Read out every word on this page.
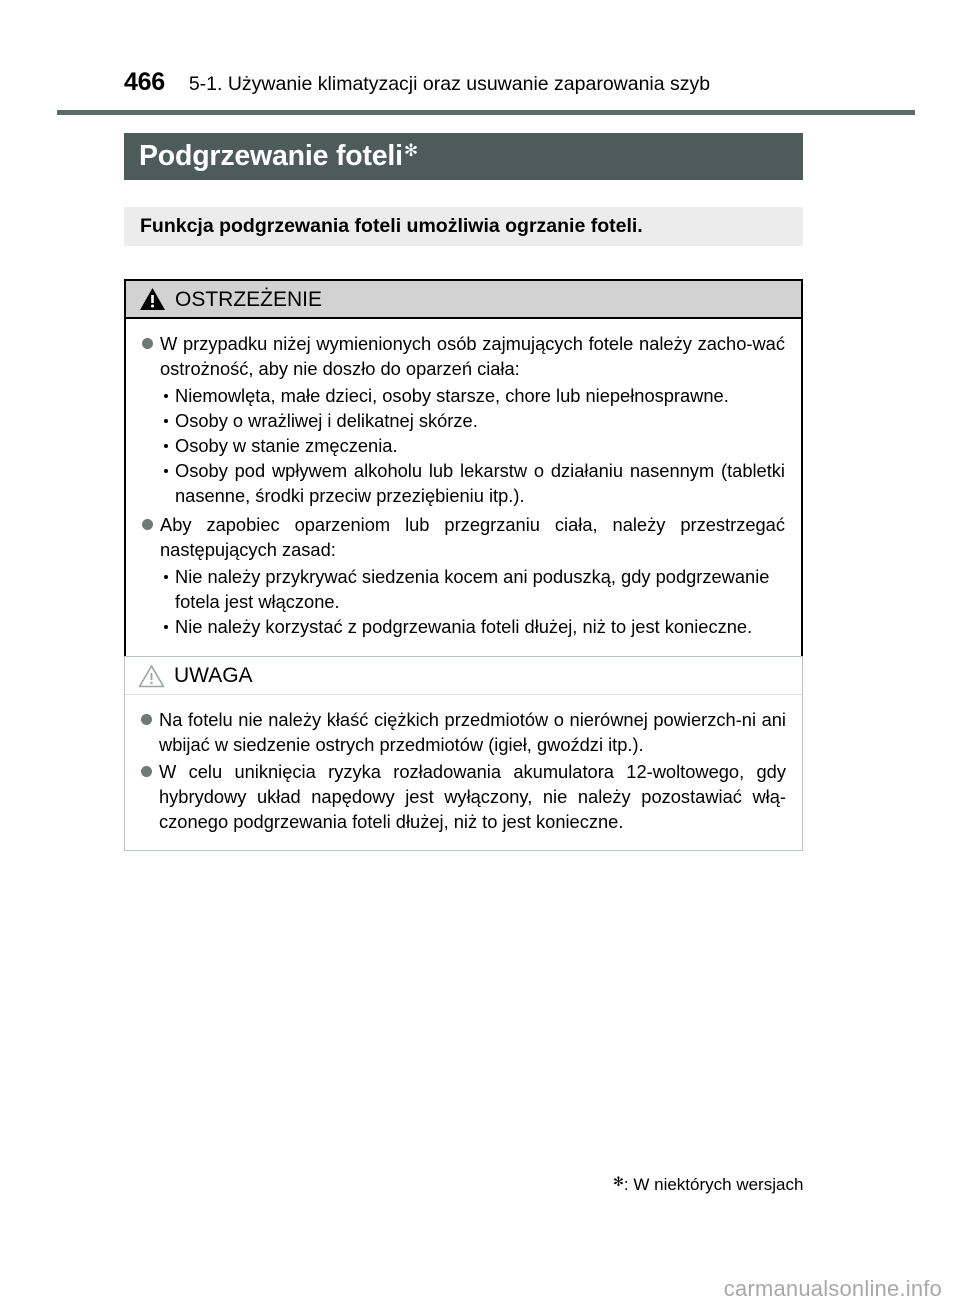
466 5-1. Używanie klimatyzacji oraz usuwanie zaparowania szyb
Podgrzewanie foteli✻
Funkcja podgrzewania foteli umożliwia ogrzanie foteli.
OSTRZEŻENIE
W przypadku niżej wymienionych osób zajmujących fotele należy zacho-wać ostrożność, aby nie doszło do oparzeń ciała:
Niemowlęta, małe dzieci, osoby starsze, chore lub niepełnosprawne.
Osoby o wrażliwej i delikatnej skórze.
Osoby w stanie zmęczenia.
Osoby pod wpływem alkoholu lub lekarstw o działaniu nasennym (tabletki nasenne, środki przeciw przeziębieniu itp.).
Aby zapobiec oparzeniom lub przegrzaniu ciała, należy przestrzegać następujących zasad:
Nie należy przykrywać siedzenia kocem ani poduszką, gdy podgrzewanie fotela jest włączone.
Nie należy korzystać z podgrzewania foteli dłużej, niż to jest konieczne.
UWAGA
Na fotelu nie należy kłaść ciężkich przedmiotów o nierównej powierzch-ni ani wbijać w siedzenie ostrych przedmiotów (igieł, gwoździ itp.).
W celu uniknięcia ryzyka rozładowania akumulatora 12-woltowego, gdy hybrydowy układ napędowy jest wyłączony, nie należy pozostawiać włą-czonego podgrzewania foteli dłużej, niż to jest konieczne.
✻: W niektórych wersjach
carmanualsonline.info
